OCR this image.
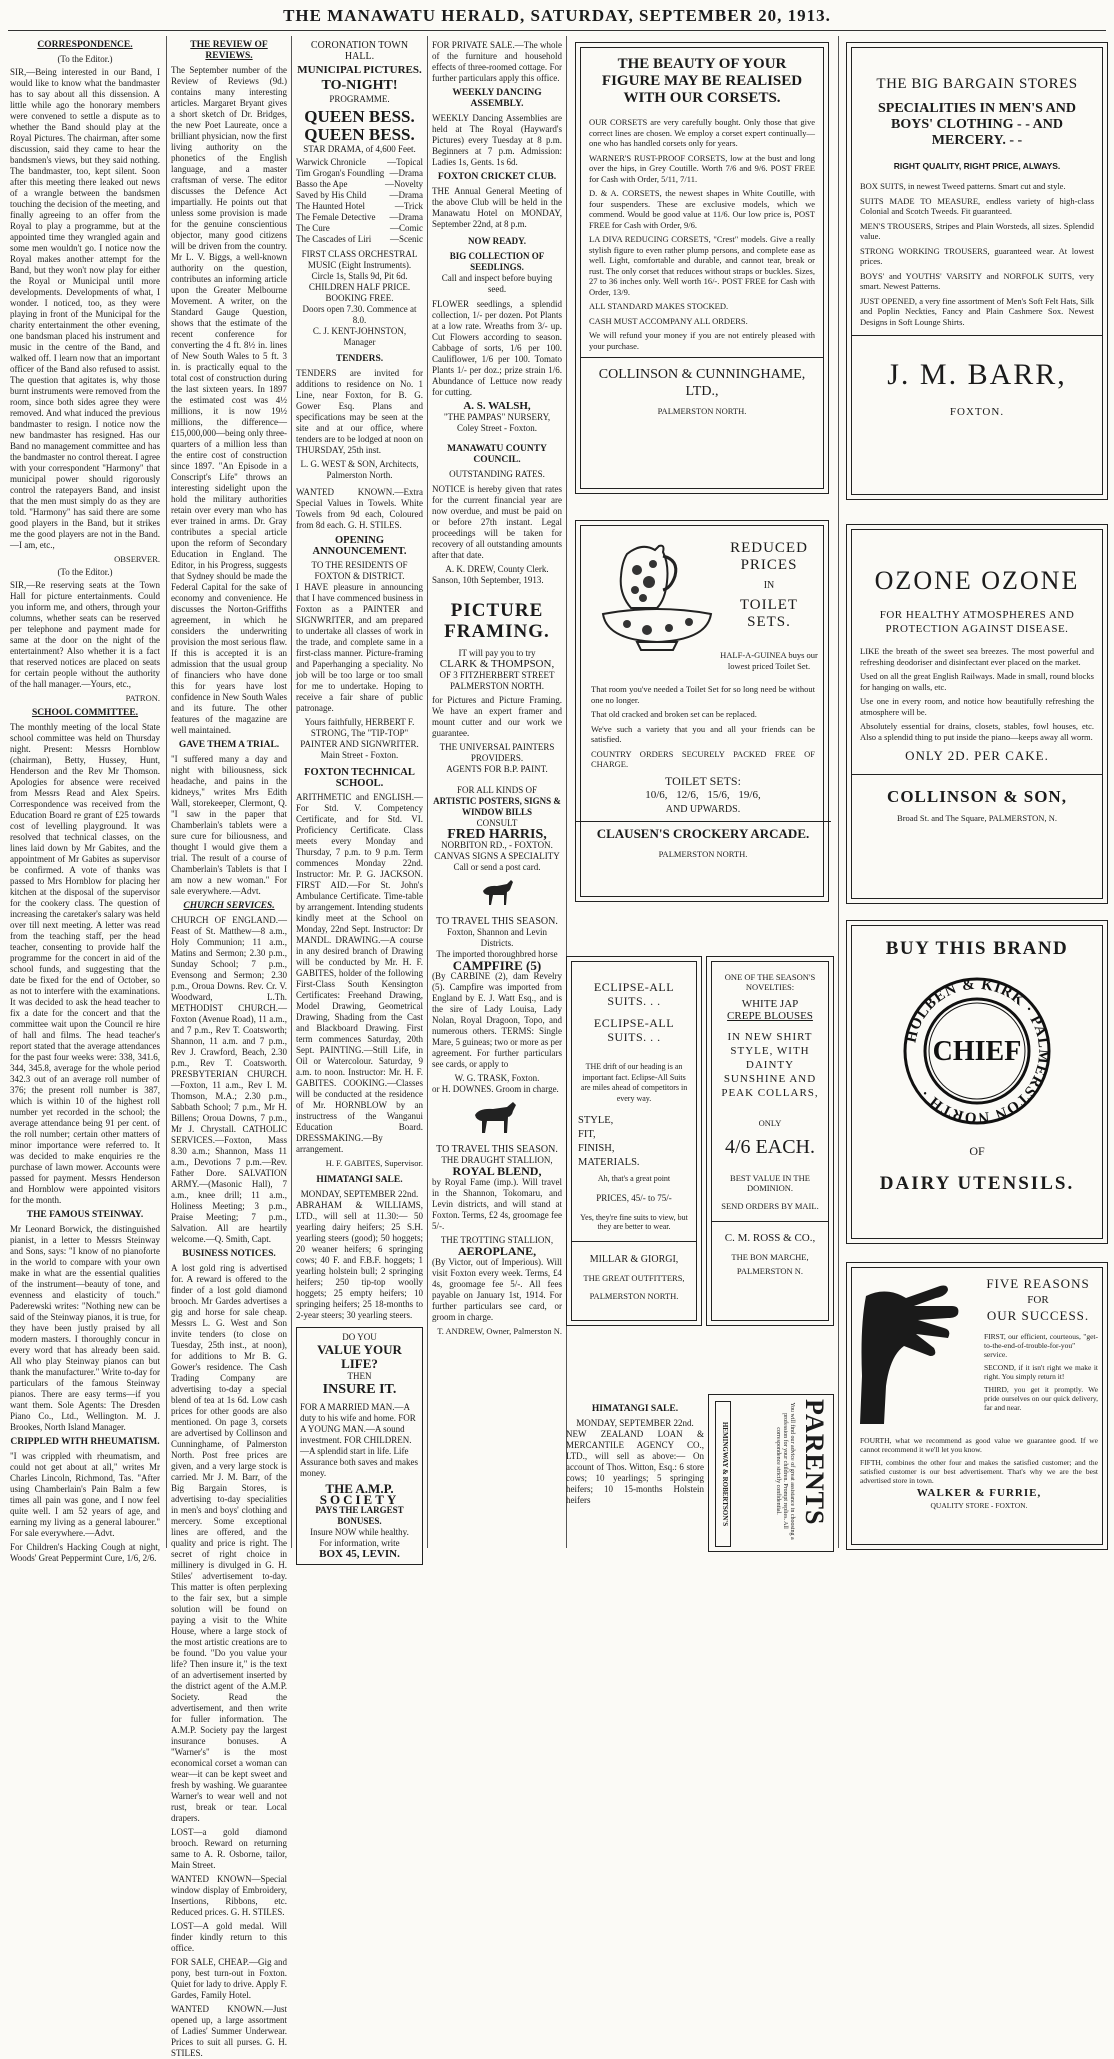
THE MANAWATU HERALD, SATURDAY, SEPTEMBER 20, 1913.
CORRESPONDENCE.
(To the Editor.)

SIR,—Being interested in our Band, I would like to know what the bandmaster has to say about all this dissension. A little while ago the honorary members were convened to settle a dispute as to whether the Band should play at the Royal Pictures. The chairman, after some discussion, said they came to hear the bandsmen's views, but they said nothing. The bandmaster, too, kept silent. Soon after this meeting there leaked out news of a wrangle between the bandsmen touching the decision of the meeting, and finally agreeing to an offer from the Royal to play a programme, but at the appointed time they wrangled again and some men wouldn't go. I notice now the Royal makes another attempt for the Band, but they won't now play for either the Royal or Municipal until more developments. Developments of what, I wonder. I noticed, too, as they were playing in front of the Municipal for the charity entertainment the other evening, one bandsman placed his instrument and music in the centre of the Band, and walked off. I learn now that an important officer of the Band also refused to assist. The question that agitates is, why those burnt instruments were removed from the room, since both sides agree they were removed. And what induced the previous bandmaster to resign. I notice now the new bandmaster has resigned. Has our Band no management committee and has the bandmaster no control thereat. I agree with your correspondent "Harmony" that municipal power should rigorously control the ratepayers Band, and insist that the men must simply do as they are told. "Harmony" has said there are some good players in the Band, but it strikes me the good players are not in the Band.—I am, etc.,

OBSERVER.
(To the Editor.)

SIR,—Re reserving seats at the Town Hall for picture entertainments. Could you inform me, and others, through your columns, whether seats can be reserved per telephone and payment made for same at the door on the night of the entertainment? Also whether it is a fact that reserved notices are placed on seats for certain people without the authority of the hall manager.—Yours, etc.,

PATRON.
SCHOOL COMMITTEE.

The monthly meeting of the local State school committee was held on Thursday night. Present: Messrs Hornblow (chairman), Betty, Hussey, Hunt, Henderson and the Rev Mr Thomson. Apologies for absence were received from Messrs Read and Alex Speirs. Correspondence was received from the Education Board re grant of £25 towards cost of levelling playground. It was resolved that technical classes, on the lines laid down by Mr Gabites, and the appointment of Mr Gabites as supervisor be confirmed. A vote of thanks was passed to Mrs Hornblow for placing her kitchen at the disposal of the supervisor for the cookery class. The question of increasing the caretaker's salary was held over till next meeting. A letter was read from the teaching staff, per the head teacher, consenting to provide half the programme for the concert in aid of the school funds, and suggesting that the date be fixed for the end of October, so as not to interfere with the examinations. It was decided to ask the head teacher to fix a date for the concert and that the committee wait upon the Council re hire of hall and films. The head teacher's report stated that the average attendances for the past four weeks were: 338, 341.6, 344, 345.8, average for the whole period 342.3 out of an average roll number of 376; the present roll number is 387, which is within 10 of the highest roll number yet recorded in the school; the average attendance being 91 per cent. of the roll number; certain other matters of minor importance were referred to. It was decided to make enquiries re the purchase of lawn mower. Accounts were passed for payment. Messrs Henderson and Hornblow were appointed visitors for the month.

THE FAMOUS STEINWAY.

Mr Leonard Borwick, the distinguished pianist, in a letter to Messrs Steinway and Sons, says: "I know of no pianoforte in the world to compare with your own make in what are the essential qualities of the instrument—beauty of tone, and evenness and elasticity of touch." Paderewski writes: "Nothing new can be said of the Steinway pianos, it is true, for they have been justly praised by all modern masters. I thoroughly concur in every word that has already been said. All who play Steinway pianos can but thank the manufacturer." Write to-day for particulars of the famous Steinway pianos. There are easy terms—if you want them. Sole Agents: The Dresden Piano Co., Ltd., Wellington. M. J. Brookes, North Island Manager.

CRIPPLED WITH RHEUMATISM.

"I was crippled with rheumatism, and could not get about at all," writes Mr Charles Lincoln, Richmond, Tas. "After using Chamberlain's Pain Balm a few times all pain was gone, and I now feel quite well. I am 52 years of age, and earning my living as a general labourer." For sale everywhere.—Advt.

For Children's Hacking Cough at night, Woods' Great Peppermint Cure, 1/6, 2/6.

THE REVIEW OF REVIEWS.

The September number of the Review of Reviews (9d.) contains many interesting articles. Margaret Bryant gives a short sketch of Dr. Bridges, the new Poet Laureate, once a brilliant physician, now the first living authority on the phonetics of the English language, and a master craftsman of verse. The editor discusses the Defence Act impartially. He points out that unless some provision is made for the genuine conscientious objector, many good citizens will be driven from the country. Mr L. V. Biggs, a well-known authority on the question, contributes an informing article upon the Greater Melbourne Movement. A writer, on the Standard Gauge Question, shows that the estimate of the recent conference for converting the 4 ft. 8½ in. lines of New South Wales to 5 ft. 3 in. is practically equal to the total cost of construction during the last sixteen years. In 1897 the estimated cost was 4½ millions, it is now 19½ millions, the difference—£15,000,000—being only three-quarters of a million less than the entire cost of construction since 1897. "An Episode in a Conscript's Life" throws an interesting sidelight upon the hold the military authorities retain over every man who has ever trained in arms. Dr. Gray contributes a special article upon the reform of Secondary Education in England. The Editor, in his Progress, suggests that Sydney should be made the Federal Capital for the sake of economy and convenience. He discusses the Norton-Griffiths agreement, in which he considers the underwriting provision the most serious flaw. If this is accepted it is an admission that the usual group of financiers who have done this for years have lost confidence in New South Wales and its future. The other features of the magazine are well maintained.

GAVE THEM A TRIAL.

"I suffered many a day and night with biliousness, sick headache, and pains in the kidneys," writes Mrs Edith Wall, storekeeper, Clermont, Q. "I saw in the paper that Chamberlain's tablets were a sure cure for biliousness, and thought I would give them a trial. The result of a course of Chamberlain's Tablets is that I am now a new woman." For sale everywhere.—Advt.

CHURCH SERVICES.

CHURCH OF ENGLAND.—Feast of St. Matthew—8 a.m., Holy Communion; 11 a.m., Matins and Sermon; 2.30 p.m., Sunday School; 7 p.m., Evensong and Sermon; 2.30 p.m., Oroua Downs. Rev. Cr. V. Woodward, L.Th. METHODIST CHURCH.—Foxton (Avenue Road), 11 a.m., and 7 p.m., Rev T. Coatsworth; Shannon, 11 a.m. and 7 p.m., Rev J. Crawford, Beach, 2.30 p.m., Rev T. Coatsworth. PRESBYTERIAN CHURCH.—Foxton, 11 a.m., Rev I. M. Thomson, M.A.; 2.30 p.m., Sabbath School; 7 p.m., Mr H. Billens; Oroua Downs, 7 p.m., Mr J. Chrystall. CATHOLIC SERVICES.—Foxton, Mass 8.30 a.m.; Shannon, Mass 11 a.m., Devotions 7 p.m.—Rev. Father Dore. SALVATION ARMY.—(Masonic Hall), 7 a.m., knee drill; 11 a.m., Holiness Meeting; 3 p.m., Praise Meeting; 7 p.m., Salvation. All are heartily welcome.—Q. Smith, Capt.

BUSINESS NOTICES.

A lost gold ring is advertised for. A reward is offered to the finder of a lost gold diamond brooch. Mr Gardes advertises a gig and horse for sale cheap. Messrs L. G. West and Son invite tenders (to close on Tuesday, 25th inst., at noon), for additions to Mr B. G. Gower's residence. The Cash Trading Company are advertising to-day a special blend of tea at 1s 6d. Low cash prices for other goods are also mentioned. On page 3, corsets are advertised by Collinson and Cunninghame, of Palmerston North. Post free prices are given, and a very large stock is carried. Mr J. M. Barr, of the Big Bargain Stores, is advertising to-day specialities in men's and boys' clothing and mercery. Some exceptional lines are offered, and the quality and price is right. The secret of right choice in millinery is divulged in G. H. Stiles' advertisement to-day. This matter is often perplexing to the fair sex, but a simple solution will be found on paying a visit to the White House, where a large stock of the most artistic creations are to be found. "Do you value your life? Then insure it," is the text of an advertisement inserted by the district agent of the A.M.P. Society. Read the advertisement, and then write for fuller information. The A.M.P. Society pay the largest insurance bonuses. A "Warner's" is the most economical corset a woman can wear—it can be kept sweet and fresh by washing. We guarantee Warner's to wear well and not rust, break or tear. Local drapers.

LOST—a gold diamond brooch. Reward on returning same to A. R. Osborne, tailor, Main Street.

WANTED KNOWN—Special window display of Embroidery, Insertions, Ribbons, etc. Reduced prices. G. H. STILES.

LOST—A gold medal. Will finder kindly return to this office.

FOR SALE, CHEAP.—Gig and pony, best turn-out in Foxton. Quiet for lady to drive. Apply F. Gardes, Family Hotel.

WANTED KNOWN.—Just opened up, a large assortment of Ladies' Summer Underwear. Prices to suit all purses. G. H. STILES.

CORONATION TOWN HALL.
MUNICIPAL PICTURES.
TO-NIGHT!
PROGRAMME.
QUEEN BESS.
QUEEN BESS.
STAR DRAMA, of 4,600 Feet.
Warwick Chronicle —Topical
Tim Grogan's Foundling —Drama
Basso the Ape	—Novelty
Saved by His Child	—Drama
The Haunted Hotel	—Trick
The Female Detective —Drama
The Cure	—Comic
The Cascades of Liri —Scenic
FIRST CLASS ORCHESTRAL MUSIC (Eight Instruments).
Circle 1s, Stalls 9d, Pit 6d. CHILDREN HALF PRICE. BOOKING FREE.
Doors open 7.30. Commence at 8.0.
C. J. KENT-JOHNSTON, Manager
TENDERS.

TENDERS are invited for additions to residence on No. 1 Line, near Foxton, for B. G. Gower Esq. Plans and specifications may be seen at the site and at our office, where tenders are to be lodged at noon on THURSDAY, 25th inst.

L. G. WEST & SON, Architects, Palmerston North.

WANTED KNOWN.—Extra Special Values in Towels. White Towels from 9d each, Coloured from 8d each. G. H. STILES.

OPENING ANNOUNCEMENT.
TO THE RESIDENTS OF FOXTON & DISTRICT.

I HAVE pleasure in announcing that I have commenced business in Foxton as a PAINTER and SIGNWRITER, and am prepared to undertake all classes of work in the trade, and complete same in a first-class manner. Picture-framing and Paperhanging a speciality. No job will be too large or too small for me to undertake. Hoping to receive a fair share of public patronage.

Yours faithfully, HERBERT F. STRONG, The "TIP-TOP" PAINTER AND SIGNWRITER. Main Street - Foxton.
FOXTON TECHNICAL SCHOOL.

ARITHMETIC and ENGLISH.—For Std. V. Competency Certificate, and for Std. VI. Proficiency Certificate. Class meets every Monday and Thursday, 7 p.m. to 9 p.m. Term commences Monday 22nd. Instructor: Mr. P. G. JACKSON. FIRST AID.—For St. John's Ambulance Certificate. Time-table by arrangement. Intending students kindly meet at the School on Monday, 22nd Sept. Instructor: Dr MANDL. DRAWING.—A course in any desired branch of Drawing will be conducted by Mr. H. F. GABITES, holder of the following First-Class South Kensington Certificates: Freehand Drawing, Model Drawing, Geometrical Drawing, Shading from the Cast and Blackboard Drawing. First term commences Saturday, 20th Sept. PAINTING.—Still Life, in Oil or Watercolour. Saturday, 9 a.m. to noon. Instructor: Mr. H. F. GABITES. COOKING.—Classes will be conducted at the residence of Mr. HORNBLOW by an instructress of the Wanganui Education Board. DRESSMAKING.—By arrangement.

H. F. GABITES, Supervisor.
HIMATANGI SALE.
MONDAY, SEPTEMBER 22nd.

ABRAHAM & WILLIAMS, LTD., will sell at 11.30:— 50 yearling dairy heifers; 25 S.H. yearling steers (good); 50 hoggets; 20 weaner heifers; 6 springing cows; 40 F. and F.B.F. hoggets; 1 yearling holstein bull; 2 springing heifers; 250 tip-top woolly hoggets; 25 empty heifers; 10 springing heifers; 25 18-months to 2-year steers; 30 yearling steers.

DO YOU
VALUE YOUR LIFE?
THEN
INSURE IT.

FOR A MARRIED MAN.—A duty to his wife and home. FOR A YOUNG MAN.—A sound investment. FOR CHILDREN.—A splendid start in life. Life Assurance both saves and makes money.

THE A.M.P.
SOCIETY
PAYS THE LARGEST BONUSES.
Insure NOW while healthy.
For information, write
BOX 45, LEVIN.

FOR PRIVATE SALE.—The whole of the furniture and household effects of three-roomed cottage. For further particulars apply this office.

WEEKLY DANCING ASSEMBLY.

WEEKLY Dancing Assemblies are held at The Royal (Hayward's Pictures) every Tuesday at 8 p.m. Beginners at 7 p.m. Admission: Ladies 1s, Gents. 1s 6d.

FOXTON CRICKET CLUB.

THE Annual General Meeting of the above Club will be held in the Manawatu Hotel on MONDAY, September 22nd, at 8 p.m.

NOW READY.
BIG COLLECTION OF SEEDLINGS.
Call and inspect before buying seed.

FLOWER seedlings, a splendid collection, 1/- per dozen. Pot Plants at a low rate. Wreaths from 3/- up. Cut Flowers according to season. Cabbage of sorts, 1/6 per 100. Cauliflower, 1/6 per 100. Tomato Plants 1/- per doz.; prize strain 1/6. Abundance of Lettuce now ready for cutting.

A. S. WALSH,
"THE PAMPAS" NURSERY,
Coley Street - Foxton.
MANAWATU COUNTY COUNCIL.
OUTSTANDING RATES.

NOTICE is hereby given that rates for the current financial year are now overdue, and must be paid on or before 27th instant. Legal proceedings will be taken for recovery of all outstanding amounts after that date.

A. K. DREW, County Clerk.
Sanson, 10th September, 1913.
PICTURE
FRAMING.
IT will pay you to try
CLARK & THOMPSON,
OF 3 FITZHERBERT STREET
PALMERSTON NORTH.

for Pictures and Picture Framing. We have an expert framer and mount cutter and our work we guarantee.

THE UNIVERSAL PAINTERS PROVIDERS.
AGENTS FOR B.P. PAINT.
FOR ALL KINDS OF
ARTISTIC POSTERS, SIGNS & WINDOW BILLS
CONSULT
FRED HARRIS,
NORBITON RD., - FOXTON.
CANVAS SIGNS A SPECIALITY
Call or send a post card.
TO TRAVEL THIS SEASON.
Foxton, Shannon and Levin Districts.
The imported thoroughbred horse
CAMPFIRE (5)

(By CARBINE (2), dam Revelry (5). Campfire was imported from England by E. J. Watt Esq., and is the sire of Lady Louisa, Lady Nolan, Royal Dragoon, Topo, and numerous others. TERMS: Single Mare, 5 guineas; two or more as per agreement. For further particulars see cards, or apply to

W. G. TRASK, Foxton.
or H. DOWNES. Groom in charge.
TO TRAVEL THIS SEASON.
THE DRAUGHT STALLION,
ROYAL BLEND,

by Royal Fame (imp.). Will travel in the Shannon, Tokomaru, and Levin districts, and will stand at Foxton. Terms, £2 4s, groomage fee 5/-.

THE TROTTING STALLION,
AEROPLANE,

(By Victor, out of Imperious). Will visit Foxton every week. Terms, £4 4s, groomage fee 5/-. All fees payable on January 1st, 1914. For further particulars see card, or groom in charge.

T. ANDREW, Owner, Palmerston N.
THE BEAUTY OF YOUR FIGURE MAY BE REALISED WITH OUR CORSETS.

OUR CORSETS are very carefully bought. Only those that give correct lines are chosen. We employ a corset expert continually—one who has handled corsets only for years.

WARNER'S RUST-PROOF CORSETS, low at the bust and long over the hips, in Grey Coutille. Worth 7/6 and 9/6. POST FREE for Cash with Order, 5/11, 7/11.

D. & A. CORSETS, the newest shapes in White Coutille, with four suspenders. These are exclusive models, which we commend. Would be good value at 11/6. Our low price is, POST FREE for Cash with Order, 9/6.

LA DIVA REDUCING CORSETS, "Crest" models. Give a really stylish figure to even rather plump persons, and complete ease as well. Light, comfortable and durable, and cannot tear, break or rust. The only corset that reduces without straps or buckles. Sizes, 27 to 36 inches only. Well worth 16/-. POST FREE for Cash with Order, 13/9.

ALL STANDARD MAKES STOCKED.

CASH MUST ACCOMPANY ALL ORDERS.

We will refund your money if you are not entirely pleased with your purchase.

COLLINSON & CUNNINGHAME, LTD.,
PALMERSTON NORTH.
THE BIG BARGAIN STORES
SPECIALITIES IN MEN'S AND BOYS' CLOTHING - - AND MERCERY. - -
RIGHT QUALITY, RIGHT PRICE, ALWAYS.

BOX SUITS, in newest Tweed patterns. Smart cut and style.

SUITS MADE TO MEASURE, endless variety of high-class Colonial and Scotch Tweeds. Fit guaranteed.

MEN'S TROUSERS, Stripes and Plain Worsteds, all sizes. Splendid value.

STRONG WORKING TROUSERS, guaranteed wear. At lowest prices.

BOYS' and YOUTHS' VARSITY and NORFOLK SUITS, very smart. Newest Patterns.

JUST OPENED, a very fine assortment of Men's Soft Felt Hats, Silk and Poplin Neckties, Fancy and Plain Cashmere Sox. Newest Designs in Soft Lounge Shirts.

J. M. BARR,
FOXTON.
REDUCED
PRICES
IN
TOILET
SETS.
HALF-A-GUINEA buys our lowest priced Toilet Set.

That room you've needed a Toilet Set for so long need be without one no longer.

That old cracked and broken set can be replaced.

We've such a variety that you and all your friends can be satisfied.

COUNTRY ORDERS SECURELY PACKED FREE OF CHARGE.

TOILET SETS:
10/6, 12/6, 15/6, 19/6,
AND UPWARDS.
CLAUSEN'S CROCKERY ARCADE.
PALMERSTON NORTH.
OZONE OZONE
FOR HEALTHY ATMOSPHERES AND PROTECTION AGAINST DISEASE.

LIKE the breath of the sweet sea breezes. The most powerful and refreshing deodoriser and disinfectant ever placed on the market.

Used on all the great English Railways. Made in small, round blocks for hanging on walls, etc.

Use one in every room, and notice how beautifully refreshing the atmosphere will be.

Absolutely essential for drains, closets, stables, fowl houses, etc. Also a splendid thing to put inside the piano—keeps away all worm.

ONLY 2D. PER CAKE.
COLLINSON & SON,
Broad St. and The Square, PALMERSTON, N.
ECLIPSE-ALL SUITS. . .
ECLIPSE-ALL SUITS. . .
THE drift of our heading is an important fact. Eclipse-All Suits are miles ahead of competitors in every way.
STYLE,
FIT,
FINISH,
MATERIALS.
Ah, that's a great point
PRICES, 45/- to 75/-
Yes, they're fine suits to view, but they are better to wear.
MILLAR & GIORGI,
THE GREAT OUTFITTERS,
PALMERSTON NORTH.
ONE OF THE SEASON'S NOVELTIES:
WHITE JAP
CREPE BLOUSES
IN NEW SHIRT STYLE, WITH DAINTY SUNSHINE AND PEAK COLLARS,
ONLY
4/6 EACH.
BEST VALUE IN THE DOMINION.
SEND ORDERS BY MAIL.
C. M. ROSS & CO.,
THE BON MARCHE,
PALMERSTON N.
HIMATANGI SALE.
MONDAY, SEPTEMBER 22nd.

NEW ZEALAND LOAN & MERCANTILE AGENCY CO., LTD., will sell as above:— On account of Thos. Witton, Esq.: 6 store cows; 10 yearlings; 5 springing heifers; 10 15-months Holstein heifers	HEMINGWAY & ROBERTSON'S	You will find our advice of great assistance in choosing a profession for your children. Prompt replies. All correspondence strictly confidential. PARENTS
BUY THIS BRAND
HOLBEN & KIRK · PALMERSTON NORTH ·
CHIEF
OF
DAIRY UTENSILS.
FIVE REASONS
FOR
OUR SUCCESS.

FIRST, our efficient, courteous, "get-to-the-end-of-trouble-for-you" service.

SECOND, if it isn't right we make it right. You simply return it!

THIRD, you get it promptly. We pride ourselves on our quick delivery, far and near.

FOURTH, what we recommend as good value we guarantee good. If we cannot recommend it we'll let you know.

FIFTH, combines the other four and makes the satisfied customer; and the satisfied customer is our best advertisement. That's why we are the best advertised store in town.

WALKER & FURRIE,
QUALITY STORE - FOXTON.
